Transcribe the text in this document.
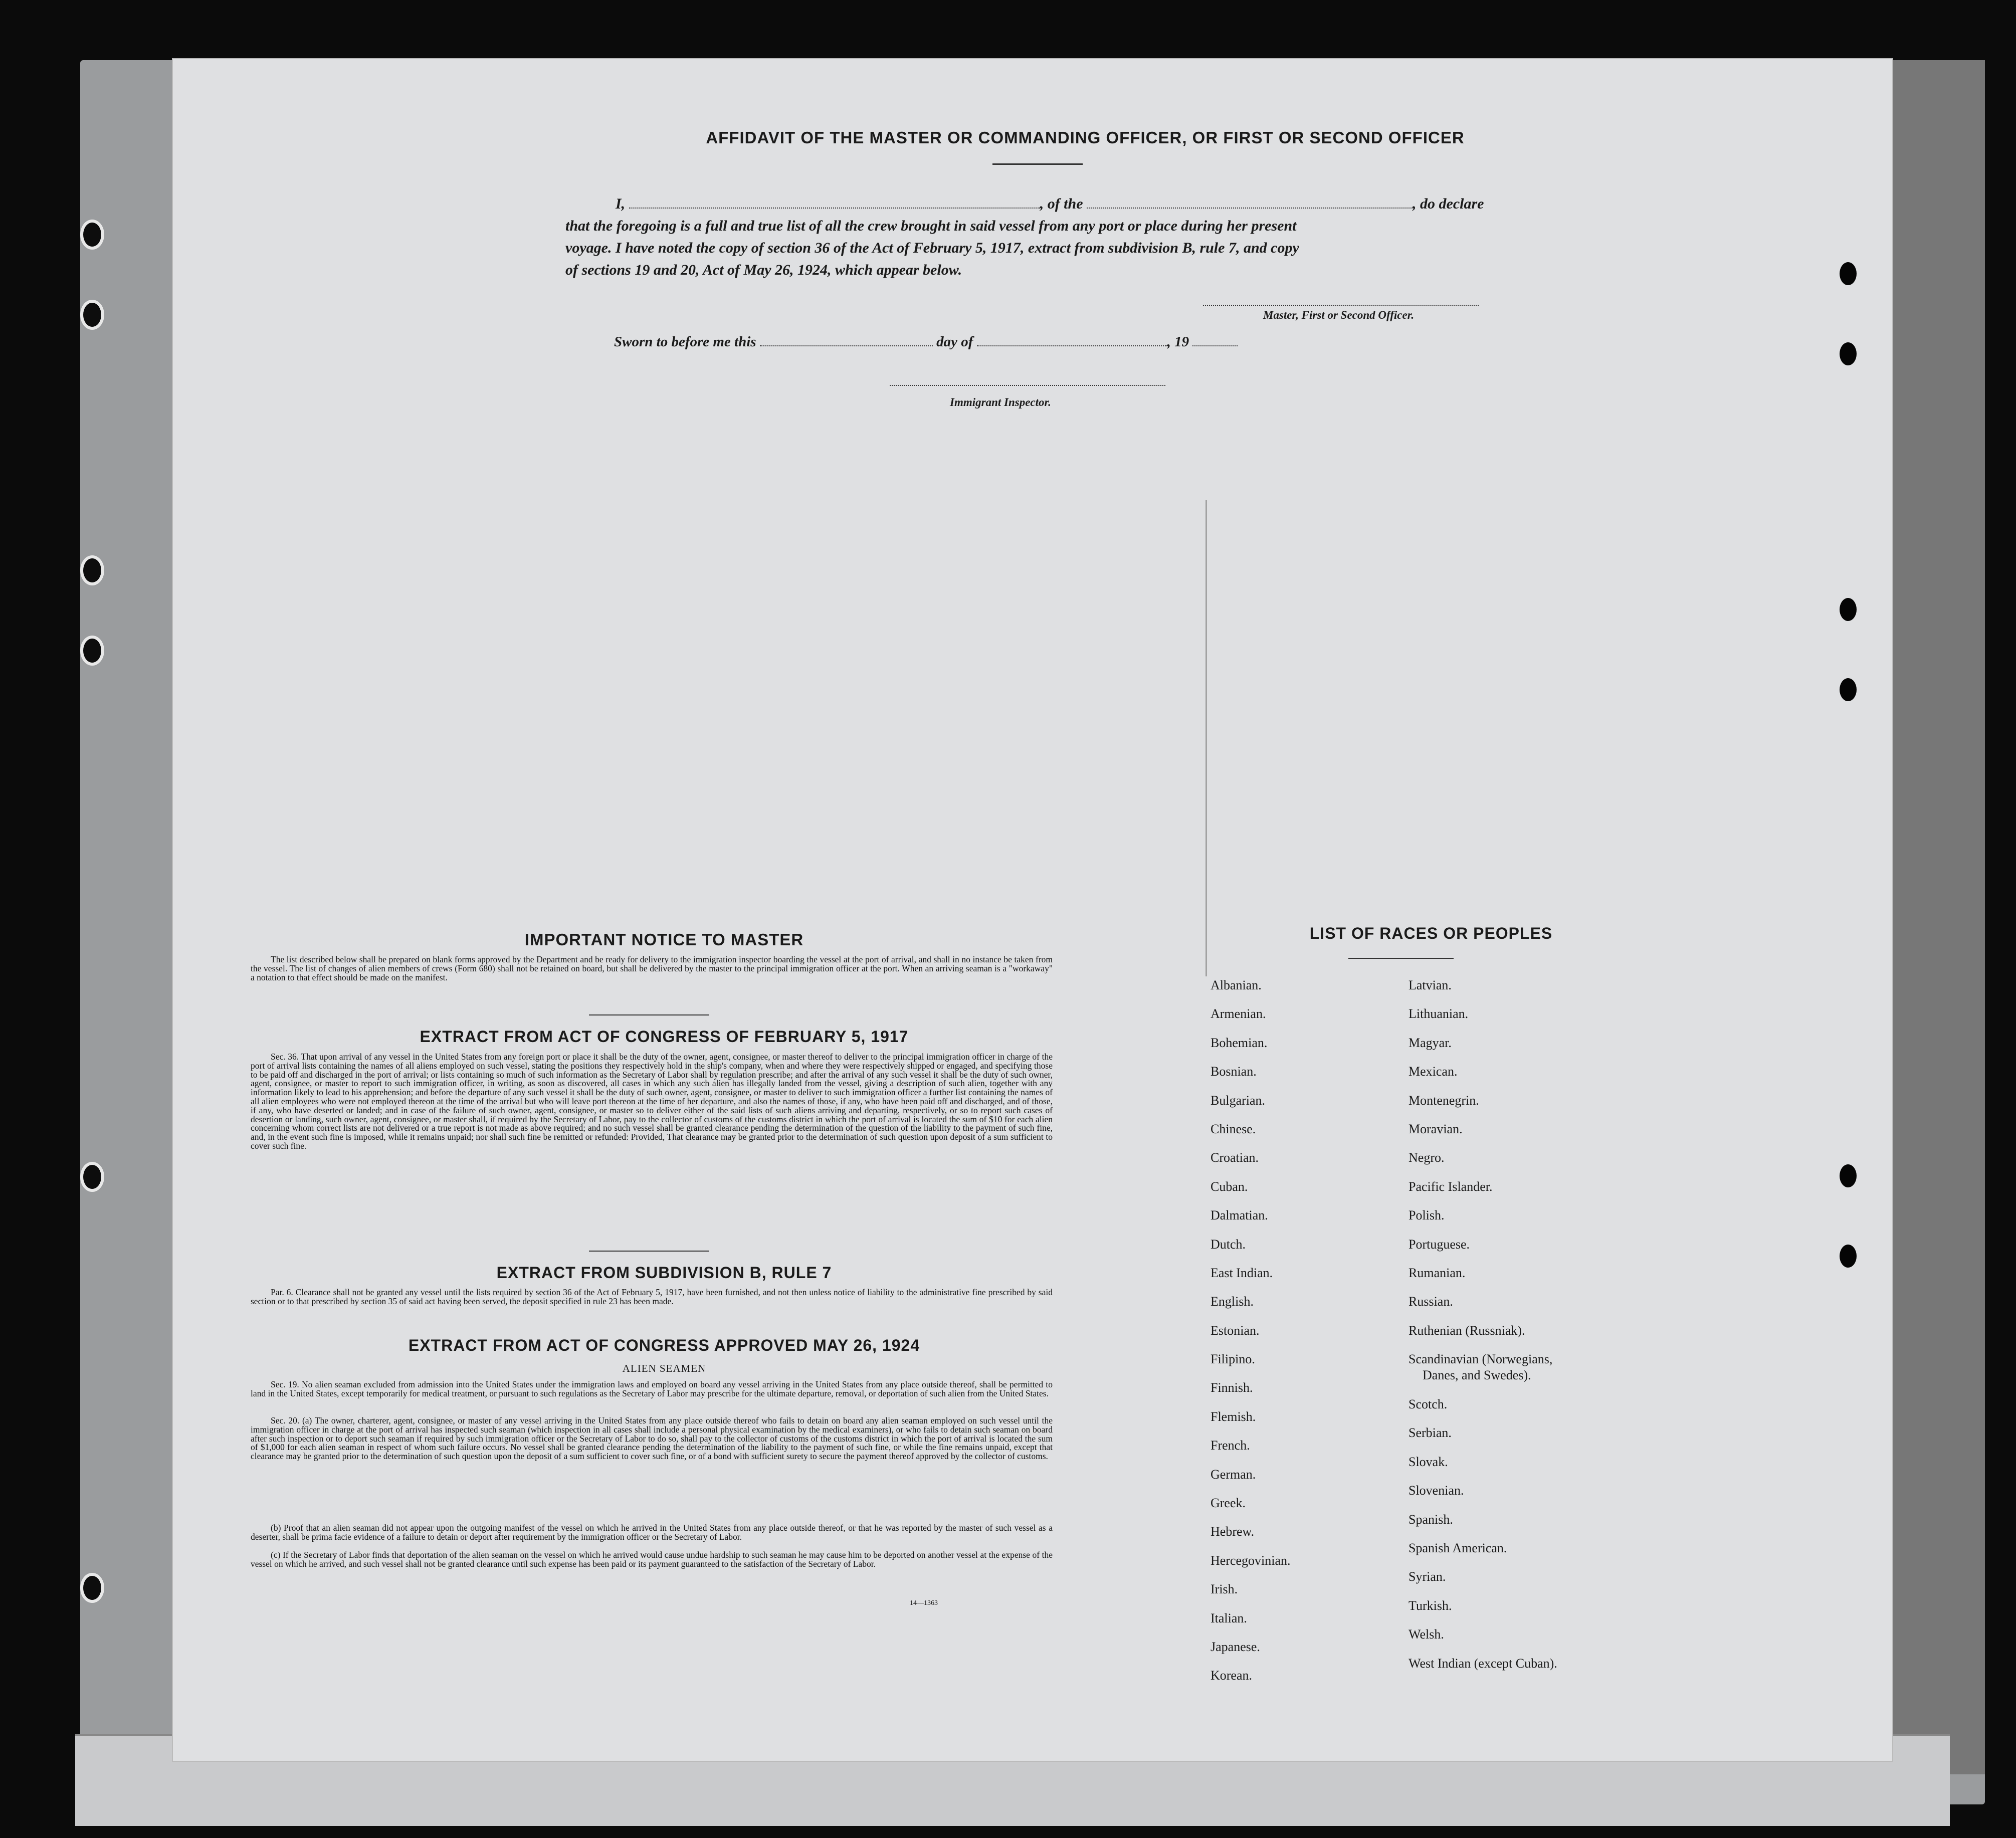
AFFIDAVIT OF THE MASTER OR COMMANDING OFFICER, OR FIRST OR SECOND OFFICER
I,	, of the	, do declare
that the foregoing is a full and true list of all the crew brought in said vessel from any port or place during her present
voyage. I have noted the copy of section 36 of the Act of February 5, 1917, extract from subdivision B, rule 7, and copy
of sections 19 and 20, Act of May 26, 1924, which appear below.
Master, First or Second Officer.
Sworn to before me this	day of	, 19
Immigrant Inspector.
IMPORTANT NOTICE TO MASTER
The list described below shall be prepared on blank forms approved by the Department and be ready for delivery to the immigration inspector boarding the vessel at the port of arrival, and shall in no instance be taken from the vessel. The list of changes of alien members of crews (Form 680) shall not be retained on board, but shall be delivered by the master to the principal immigration officer at the port. When an arriving seaman is a "workaway" a notation to that effect should be made on the manifest.
EXTRACT FROM ACT OF CONGRESS OF FEBRUARY 5, 1917
Sec. 36. That upon arrival of any vessel in the United States from any foreign port or place it shall be the duty of the owner, agent, consignee, or master thereof to deliver to the principal immigration officer in charge of the port of arrival lists containing the names of all aliens employed on such vessel, stating the positions they respectively hold in the ship's company, when and where they were respectively shipped or engaged, and specifying those to be paid off and discharged in the port of arrival; or lists containing so much of such information as the Secretary of Labor shall by regulation prescribe; and after the arrival of any such vessel it shall be the duty of such owner, agent, consignee, or master to report to such immigration officer, in writing, as soon as discovered, all cases in which any such alien has illegally landed from the vessel, giving a description of such alien, together with any information likely to lead to his apprehension; and before the departure of any such vessel it shall be the duty of such owner, agent, consignee, or master to deliver to such immigration officer a further list containing the names of all alien employees who were not employed thereon at the time of the arrival but who will leave port thereon at the time of her departure, and also the names of those, if any, who have been paid off and discharged, and of those, if any, who have deserted or landed; and in case of the failure of such owner, agent, consignee, or master so to deliver either of the said lists of such aliens arriving and departing, respectively, or so to report such cases of desertion or landing, such owner, agent, consignee, or master shall, if required by the Secretary of Labor, pay to the collector of customs of the customs district in which the port of arrival is located the sum of $10 for each alien concerning whom correct lists are not delivered or a true report is not made as above required; and no such vessel shall be granted clearance pending the determination of the question of the liability to the payment of such fine, and, in the event such fine is imposed, while it remains unpaid; nor shall such fine be remitted or refunded: Provided, That clearance may be granted prior to the determination of such question upon deposit of a sum sufficient to cover such fine.
EXTRACT FROM SUBDIVISION B, RULE 7
Par. 6. Clearance shall not be granted any vessel until the lists required by section 36 of the Act of February 5, 1917, have been furnished, and not then unless notice of liability to the administrative fine prescribed by said section or to that prescribed by section 35 of said act having been served, the deposit specified in rule 23 has been made.
EXTRACT FROM ACT OF CONGRESS APPROVED MAY 26, 1924
ALIEN SEAMEN
Sec. 19. No alien seaman excluded from admission into the United States under the immigration laws and employed on board any vessel arriving in the United States from any place outside thereof, shall be permitted to land in the United States, except temporarily for medical treatment, or pursuant to such regulations as the Secretary of Labor may prescribe for the ultimate departure, removal, or deportation of such alien from the United States.
Sec. 20. (a) The owner, charterer, agent, consignee, or master of any vessel arriving in the United States from any place outside thereof who fails to detain on board any alien seaman employed on such vessel until the immigration officer in charge at the port of arrival has inspected such seaman (which inspection in all cases shall include a personal physical examination by the medical examiners), or who fails to detain such seaman on board after such inspection or to deport such seaman if required by such immigration officer or the Secretary of Labor to do so, shall pay to the collector of customs of the customs district in which the port of arrival is located the sum of $1,000 for each alien seaman in respect of whom such failure occurs. No vessel shall be granted clearance pending the determination of the liability to the payment of such fine, or while the fine remains unpaid, except that clearance may be granted prior to the determination of such question upon the deposit of a sum sufficient to cover such fine, or of a bond with sufficient surety to secure the payment thereof approved by the collector of customs.
(b) Proof that an alien seaman did not appear upon the outgoing manifest of the vessel on which he arrived in the United States from any place outside thereof, or that he was reported by the master of such vessel as a deserter, shall be prima facie evidence of a failure to detain or deport after requirement by the immigration officer or the Secretary of Labor.
(c) If the Secretary of Labor finds that deportation of the alien seaman on the vessel on which he arrived would cause undue hardship to such seaman he may cause him to be deported on another vessel at the expense of the vessel on which he arrived, and such vessel shall not be granted clearance until such expense has been paid or its payment guaranteed to the satisfaction of the Secretary of Labor.
14—1363
LIST OF RACES OR PEOPLES
Albanian.
Armenian.
Bohemian.
Bosnian.
Bulgarian.
Chinese.
Croatian.
Cuban.
Dalmatian.
Dutch.
East Indian.
English.
Estonian.
Filipino.
Finnish.
Flemish.
French.
German.
Greek.
Hebrew.
Hercegovinian.
Irish.
Italian.
Japanese.
Korean.
Latvian.
Lithuanian.
Magyar.
Mexican.
Montenegrin.
Moravian.
Negro.
Pacific Islander.
Polish.
Portuguese.
Rumanian.
Russian.
Ruthenian (Russniak).
Scandinavian (Norwegians,
Danes, and Swedes).
Scotch.
Serbian.
Slovak.
Slovenian.
Spanish.
Spanish American.
Syrian.
Turkish.
Welsh.
West Indian (except Cuban).
